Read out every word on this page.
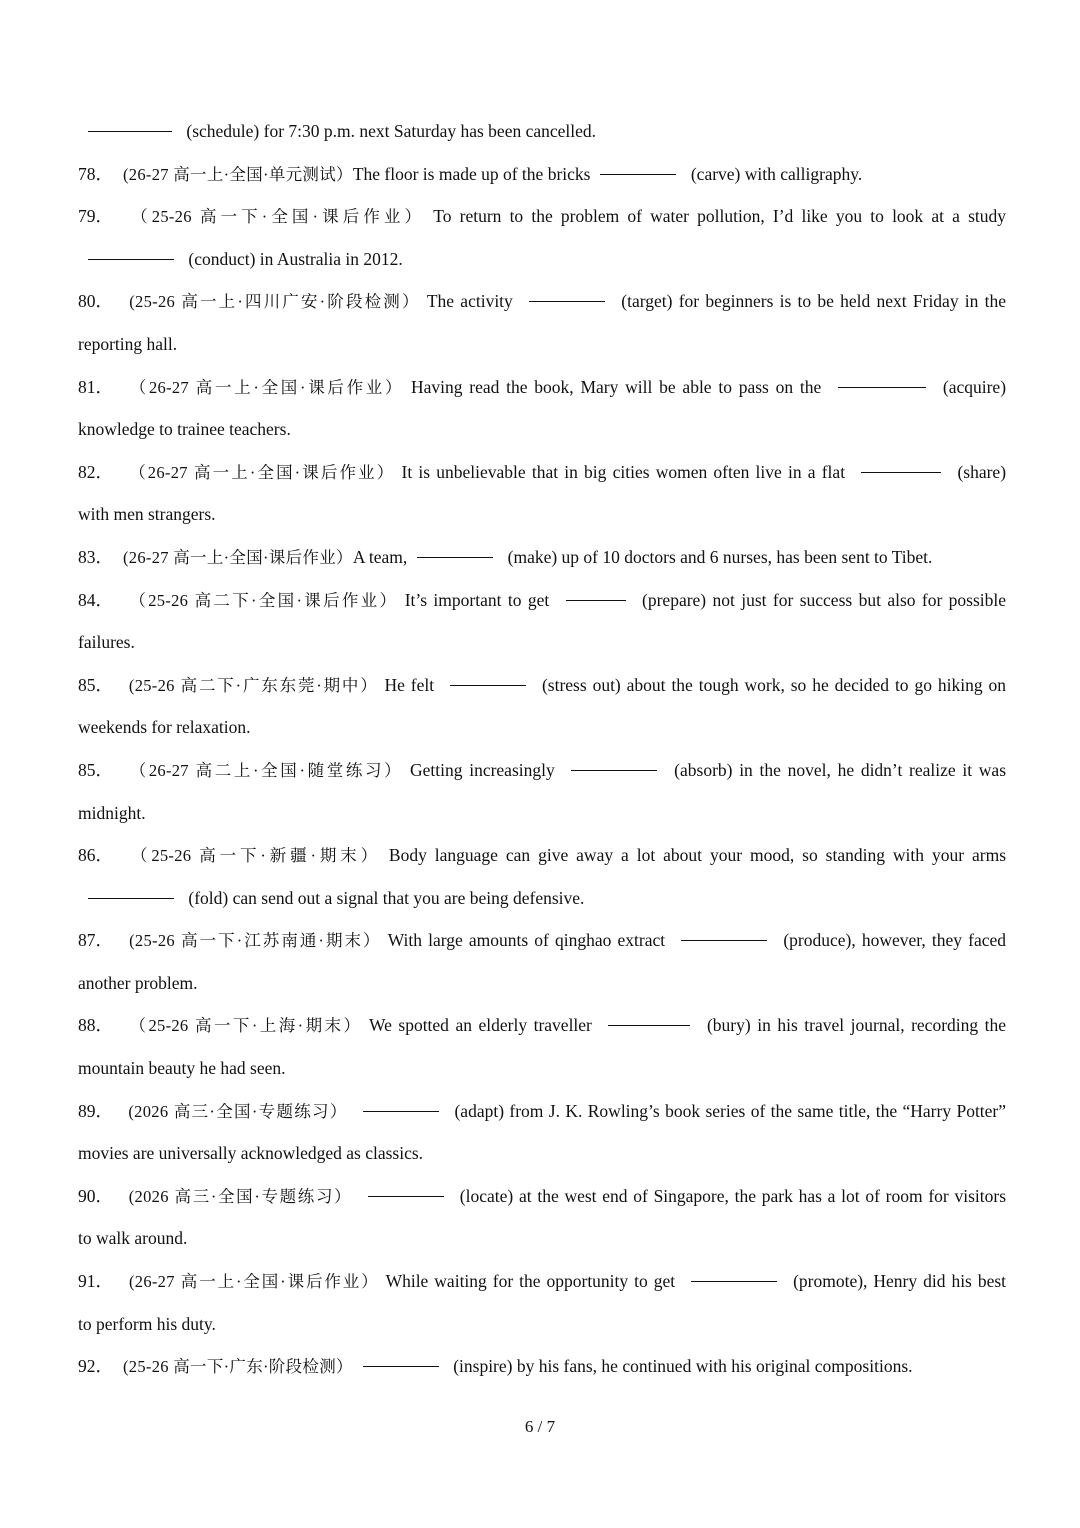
(schedule) for 7:30 p.m. next Saturday has been cancelled.
78． (26-27 高一上·全国·单元测试）The floor is made up of the bricks	(carve) with calligraphy.
79． （25-26 高一下·全国·课后作业） To return to the problem of water pollution, I’d like you to look at a study
(conduct) in Australia in 2012.
80． (25-26 高一上·四川广安·阶段检测） The activity	(target) for beginners is to be held next Friday in the
reporting hall.
81． （26-27 高一上·全国·课后作业） Having read the book, Mary will be able to pass on the	(acquire)
knowledge to trainee teachers.
82． （26-27 高一上·全国·课后作业） It is unbelievable that in big cities women often live in a flat	(share)
with men strangers.
83． (26-27 高一上·全国·课后作业）A team,	(make) up of 10 doctors and 6 nurses, has been sent to Tibet.
84． （25-26 高二下·全国·课后作业） It’s important to get	(prepare) not just for success but also for possible
failures.
85． (25-26 高二下·广东东莞·期中） He felt	(stress out) about the tough work, so he decided to go hiking on
weekends for relaxation.
85． （26-27 高二上·全国·随堂练习） Getting increasingly	(absorb) in the novel, he didn’t realize it was
midnight.
86． （25-26 高一下·新疆·期末） Body language can give away a lot about your mood, so standing with your arms
(fold) can send out a signal that you are being defensive.
87． (25-26 高一下·江苏南通·期末） With large amounts of qinghao extract	(produce), however, they faced
another problem.
88． （25-26 高一下·上海·期末） We spotted an elderly traveller	(bury) in his travel journal, recording the
mountain beauty he had seen.
89． (2026 高三·全国·专题练习）	(adapt) from J. K. Rowling’s book series of the same title, the “Harry Potter”
movies are universally acknowledged as classics.
90． (2026 高三·全国·专题练习）	(locate) at the west end of Singapore, the park has a lot of room for visitors
to walk around.
91． (26-27 高一上·全国·课后作业） While waiting for the opportunity to get	(promote), Henry did his best
to perform his duty.
92． (25-26 高一下·广东·阶段检测）	(inspire) by his fans, he continued with his original compositions.
6 / 7
